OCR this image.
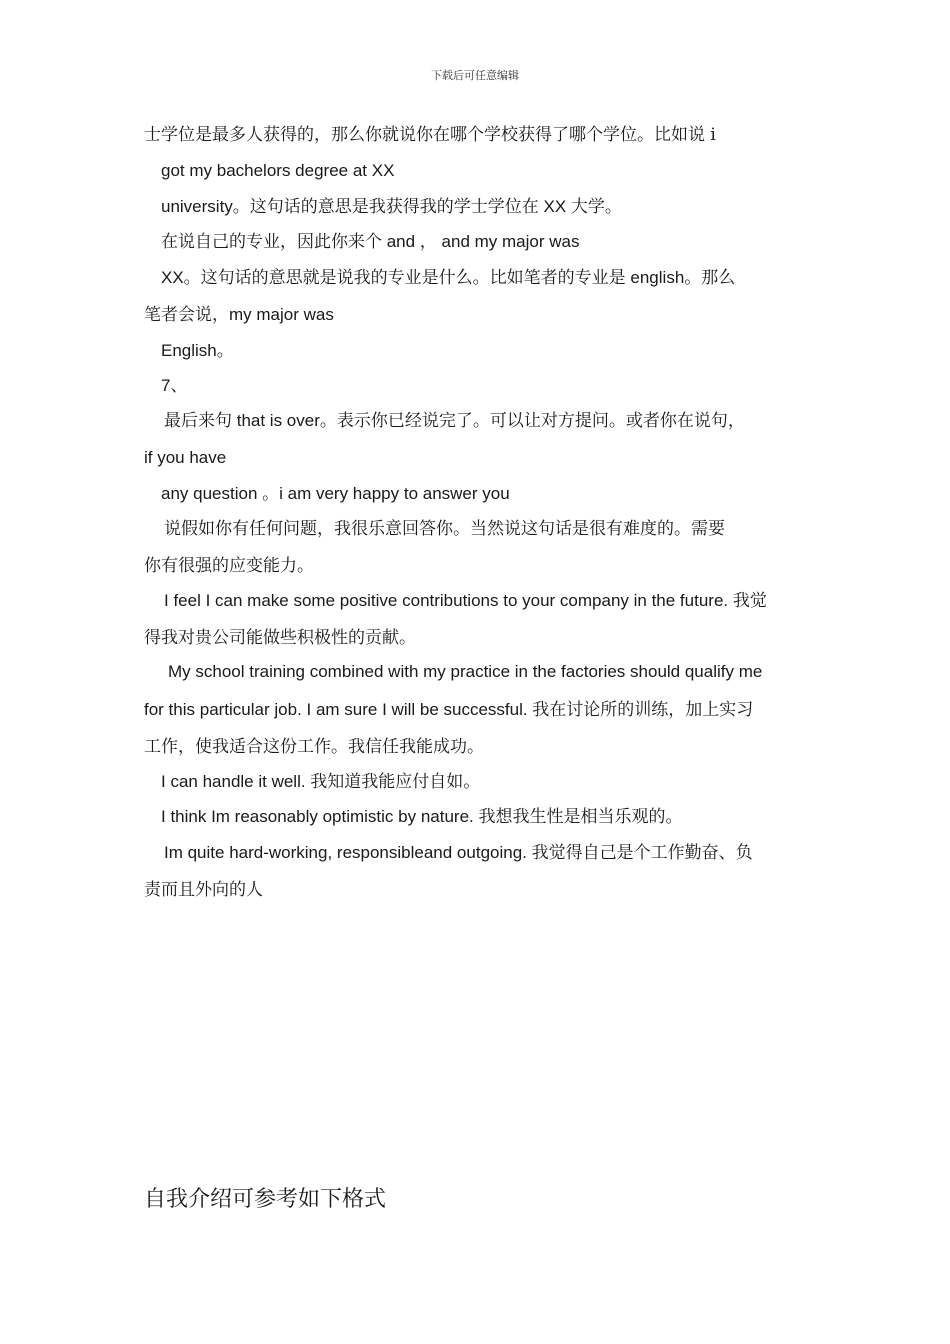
下载后可任意编辑
士学位是最多人获得的，那么你就说你在哪个学校获得了哪个学位。比如说 i
got my bachelors degree at XX
university。这句话的意思是我获得我的学士学位在 XX 大学。
在说自己的专业，因此你来个 and ， and my major was
XX。这句话的意思就是说我的专业是什么。比如笔者的专业是 english。那么
笔者会说，my major was
English。
7、
最后来句 that is over。表示你已经说完了。可以让对方提问。或者你在说句，
if you have
any question 。i am very happy to answer you
说假如你有任何问题，我很乐意回答你。当然说这句话是很有难度的。需要
你有很强的应变能力。
I feel I can make some positive contributions to your company in the future. 我觉
得我对贵公司能做些积极性的贡献。
My school training combined with my practice in the factories should qualify me
for this particular job. I am sure I will be successful. 我在讨论所的训练，加上实习
工作，使我适合这份工作。我信任我能成功。
I can handle it well. 我知道我能应付自如。
I think Im reasonably optimistic by nature. 我想我生性是相当乐观的。
Im quite hard-working, responsibleand outgoing. 我觉得自己是个工作勤奋、负
责而且外向的人
自我介绍可参考如下格式
